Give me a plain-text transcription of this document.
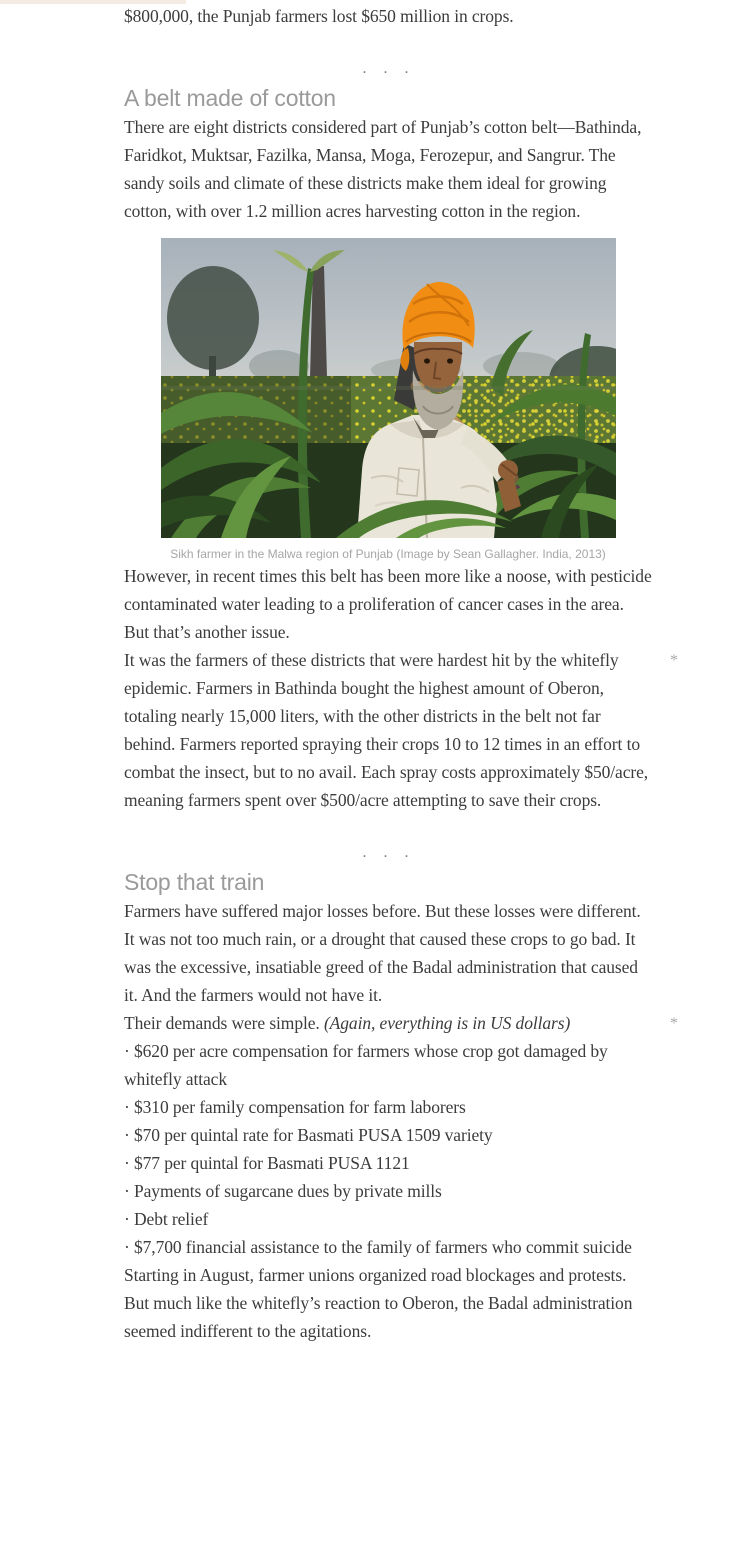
$800,000, the Punjab farmers lost $650 million in crops.

. . .
A belt made of cotton

There are eight districts considered part of Punjab’s cotton belt—Bathinda, Faridkot, Muktsar, Fazilka, Mansa, Moga, Ferozepur, and Sangrur. The sandy soils and climate of these districts make them ideal for growing cotton, with over 1.2 million acres harvesting cotton in the region.

Sikh farmer in the Malwa region of Punjab (Image by Sean Gallagher. India, 2013)

However, in recent times this belt has been more like a noose, with pesticide contaminated water leading to a proliferation of cancer cases in the area. But that’s another issue.

It was the farmers of these districts that were hardest hit by the whitefly epidemic. Farmers in Bathinda bought the highest amount of Oberon, totaling nearly 15,000 liters, with the other districts in the belt not far behind. Farmers reported spraying their crops 10 to 12 times in an effort to combat the insect, but to no avail. Each spray costs approximately $50/acre, meaning farmers spent over $500/acre attempting to save their crops.
*

. . .
Stop that train

Farmers have suffered major losses before. But these losses were different. It was not too much rain, or a drought that caused these crops to go bad. It was the excessive, insatiable greed of the Badal administration that caused it. And the farmers would not have it.

Their demands were simple. (Again, everything is in US dollars)	*

· $620 per acre compensation for farmers whose crop got damaged by whitefly attack

· $310 per family compensation for farm laborers

· $70 per quintal rate for Basmati PUSA 1509 variety

· $77 per quintal for Basmati PUSA 1121

· Payments of sugarcane dues by private mills

· Debt relief

· $7,700 financial assistance to the family of farmers who commit suicide

Starting in August, farmer unions organized road blockages and protests. But much like the whitefly’s reaction to Oberon, the Badal administration seemed indifferent to the agitations.
